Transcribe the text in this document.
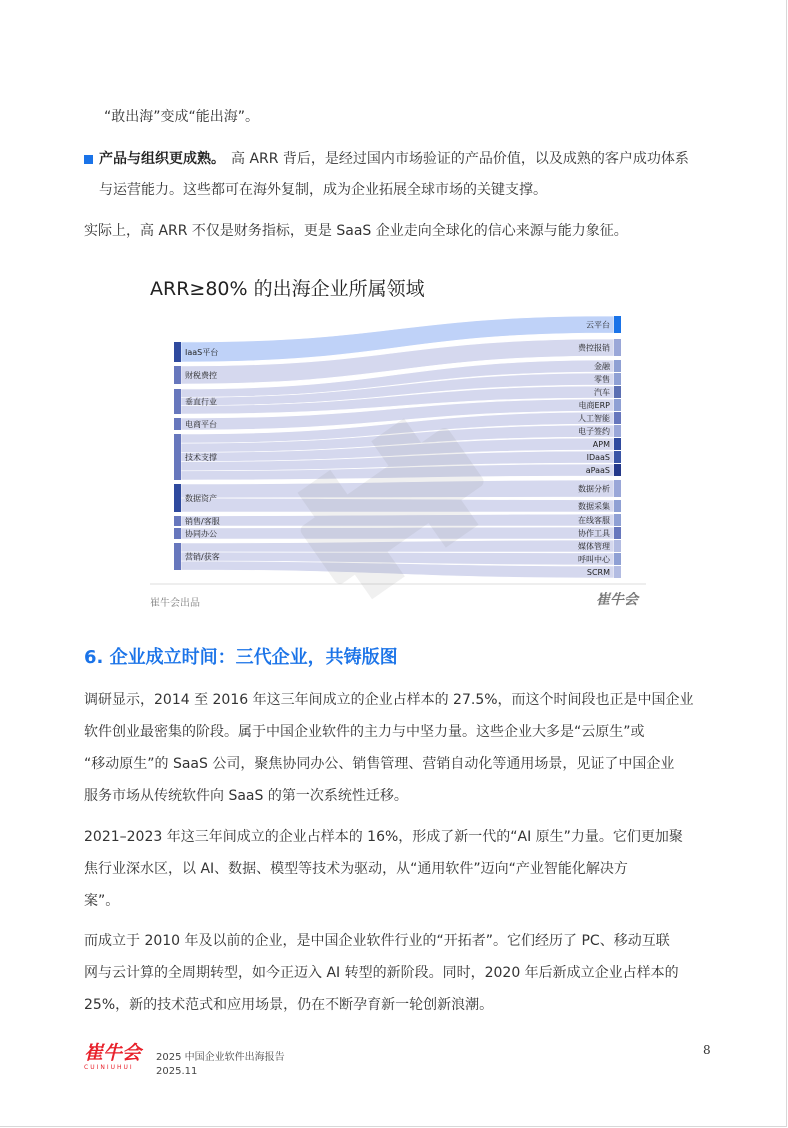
“敢出海”变成“能出海”。
产品与组织更成熟。 高 ARR 背后，是经过国内市场验证的产品价值，以及成熟的客户成功体系
与运营能力。这些都可在海外复制，成为企业拓展全球市场的关键支撑。
实际上，高 ARR 不仅是财务指标，更是 SaaS 企业走向全球化的信心来源与能力象征。
ARR≥80% 的出海企业所属领域
IaaS平台
财税费控
垂直行业
电商平台
技术支撑
数据资产
销售/客服
协同办公
营销/获客
云平台
费控报销
金融
零售
汽车
电商ERP
人工智能
电子签约
APM
IDaaS
aPaaS
数据分析
数据采集
在线客服
协作工具
媒体管理
呼叫中心
SCRM
崔牛会出品	崔牛会
6. 企业成立时间：三代企业，共铸版图
调研显示，2014 至 2016 年这三年间成立的企业占样本的 27.5%，而这个时间段也正是中国企业
软件创业最密集的阶段。属于中国企业软件的主力与中坚力量。这些企业大多是“云原生”或
“移动原生”的 SaaS 公司，聚焦协同办公、销售管理、营销自动化等通用场景，见证了中国企业
服务市场从传统软件向 SaaS 的第一次系统性迁移。
2021–2023 年这三年间成立的企业占样本的 16%，形成了新一代的“AI 原生”力量。它们更加聚
焦行业深水区，以 AI、数据、模型等技术为驱动，从“通用软件”迈向“产业智能化解决方
案”。
而成立于 2010 年及以前的企业，是中国企业软件行业的“开拓者”。它们经历了 PC、移动互联
网与云计算的全周期转型，如今正迈入 AI 转型的新阶段。同时，2020 年后新成立企业占样本的
25%，新的技术范式和应用场景，仍在不断孕育新一轮创新浪潮。
崔牛会
CUINIUHUI
2025 中国企业软件出海报告
2025.11
8
